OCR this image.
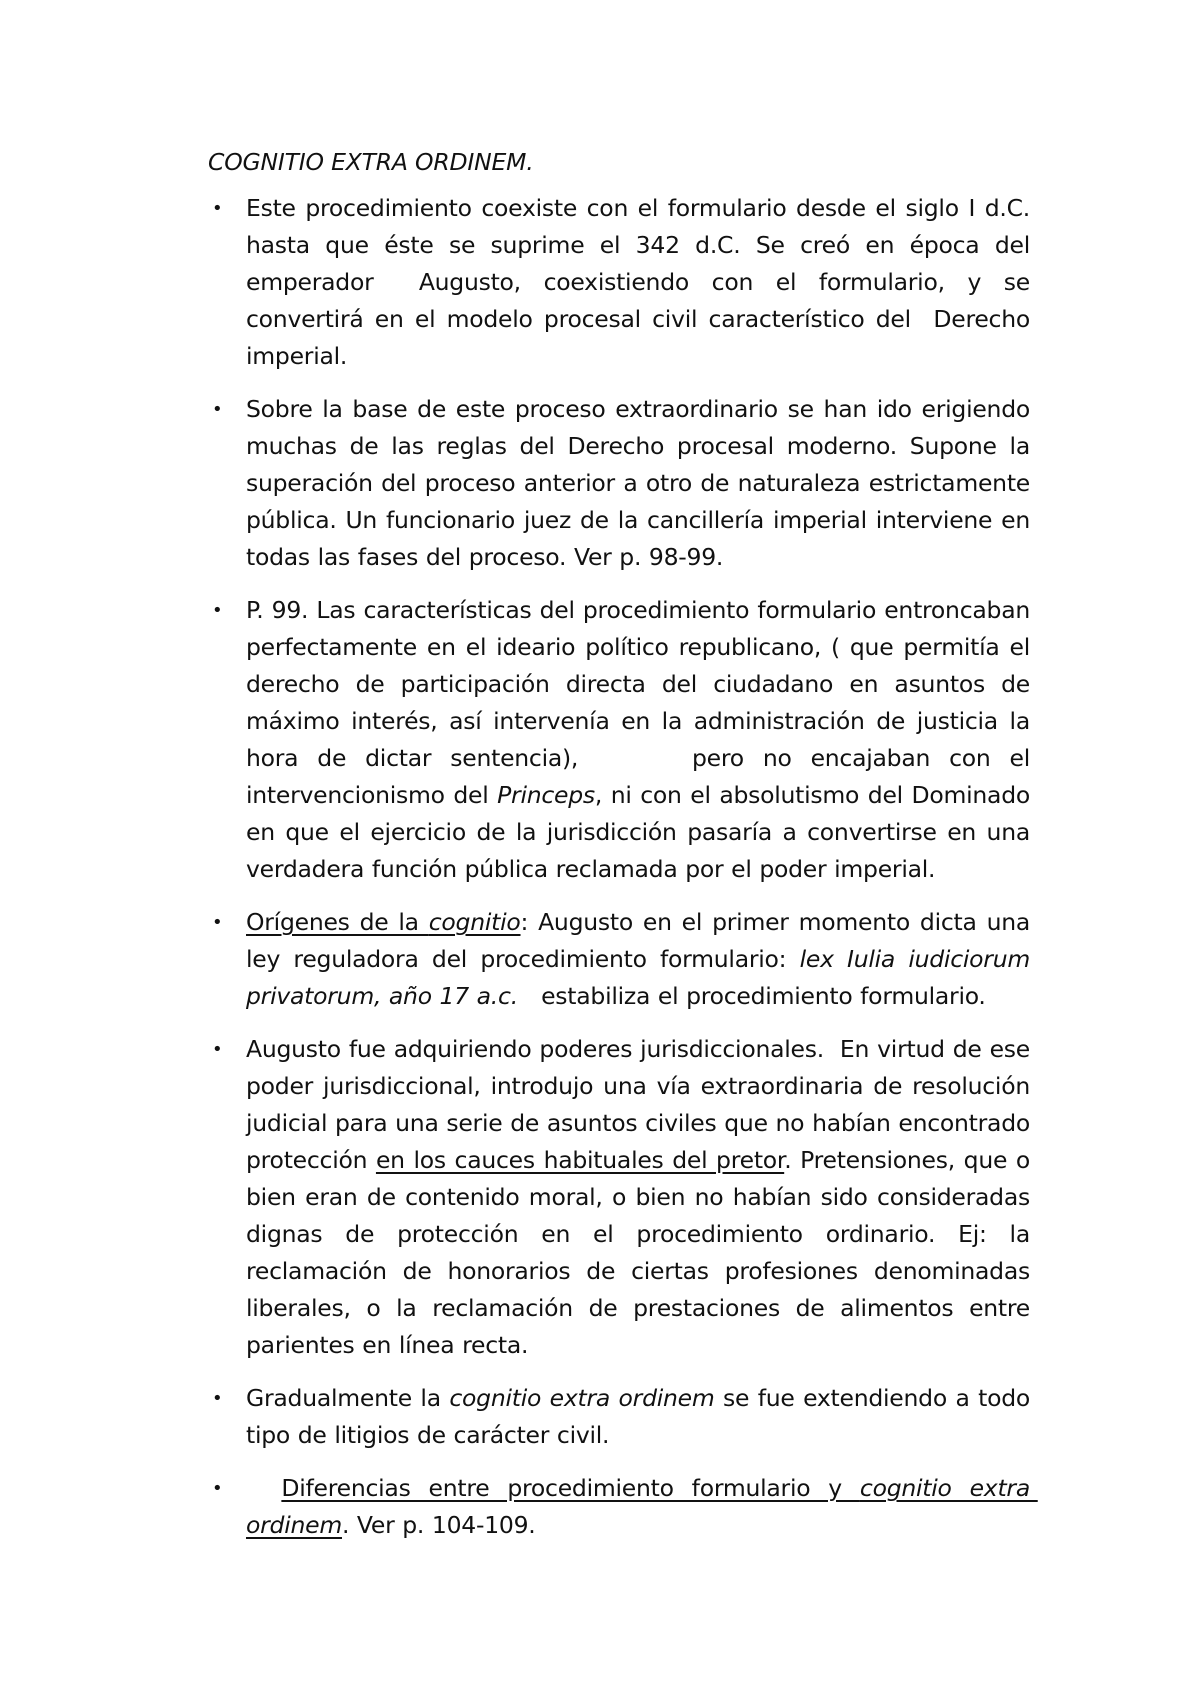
COGNITIO EXTRA ORDINEM.
• Este procedimiento coexiste con el formulario desde el siglo I d.C. hasta que éste se suprime el 342 d.C. Se creó en época del emperador  Augusto, coexistiendo con el formulario, y se convertirá en el modelo procesal civil característico del  Derecho imperial.
• Sobre la base de este proceso extraordinario se han ido erigiendo muchas de las reglas del Derecho procesal moderno. Supone la superación del proceso anterior a otro de naturaleza estrictamente pública. Un funcionario juez de la cancillería imperial interviene en todas las fases del proceso. Ver p. 98-99.
• P. 99. Las características del procedimiento formulario entroncaban perfectamente en el ideario político republicano, ( que permitía el derecho de participación directa del ciudadano en asuntos de máximo interés, así intervenía en la administración de justicia la hora de dictar sentencia),      pero no encajaban con el intervencionismo del Princeps, ni con el absolutismo del Dominado en que el ejercicio de la jurisdicción pasaría a convertirse en una verdadera función pública reclamada por el poder imperial.
• Orígenes de la cognitio: Augusto en el primer momento dicta una ley reguladora del procedimiento formulario: lex Iulia iudiciorum privatorum, año 17 a.c.   estabiliza el procedimiento formulario.
• Augusto fue adquiriendo poderes jurisdiccionales.  En virtud de ese poder jurisdiccional, introdujo una vía extraordinaria de resolución judicial para una serie de asuntos civiles que no habían encontrado protección en los cauces habituales del pretor. Pretensiones, que o bien eran de contenido moral, o bien no habían sido consideradas dignas de protección en el procedimiento ordinario. Ej: la reclamación de honorarios de ciertas profesiones denominadas liberales, o la reclamación de prestaciones de alimentos entre parientes en línea recta.
• Gradualmente la cognitio extra ordinem se fue extendiendo a todo tipo de litigios de carácter civil.
•	Diferencias entre procedimiento formulario y cognitio extra ordinem. Ver p. 104-109.
